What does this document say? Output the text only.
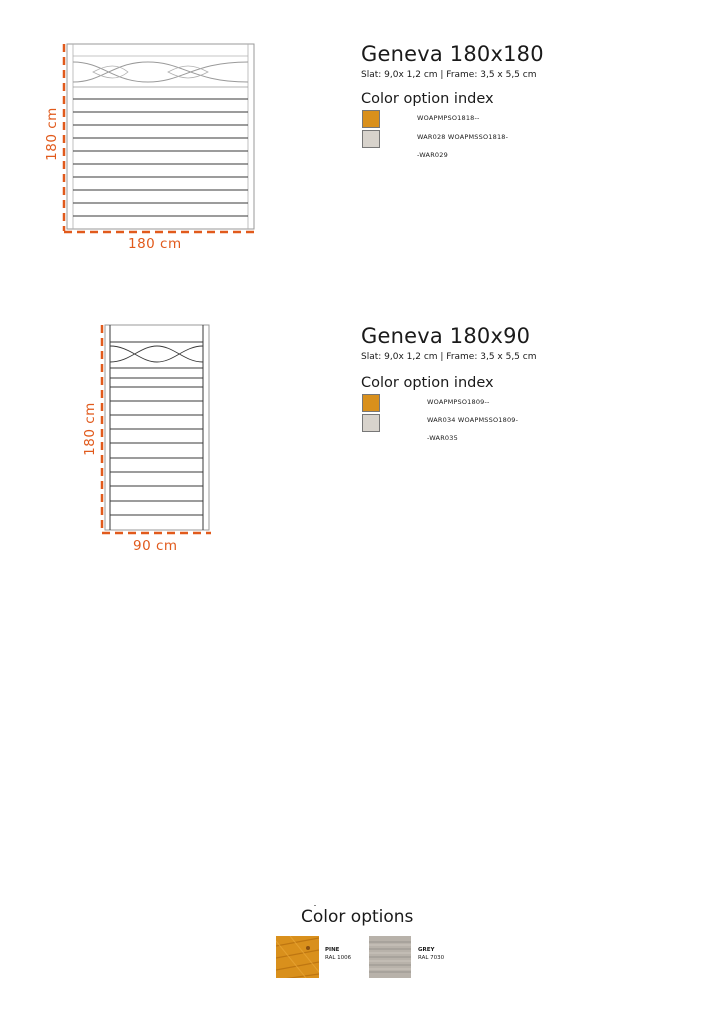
180 cm
180 cm
Geneva 180x180
Slat: 9,0x 1,2 cm | Frame: 3,5 x 5,5 cm
Color option index
WOAPMPSO1818--
WAR028 WOAPMSSO1818-
-WAR029
180 cm
90 cm
Geneva 180x90
Slat: 9,0x 1,2 cm | Frame: 3,5 x 5,5 cm
Color option index
WOAPMPSO1809--
WAR034 WOAPMSSO1809-
-WAR035
Color options
PINE
RAL 1006
GREY
RAL 7030
